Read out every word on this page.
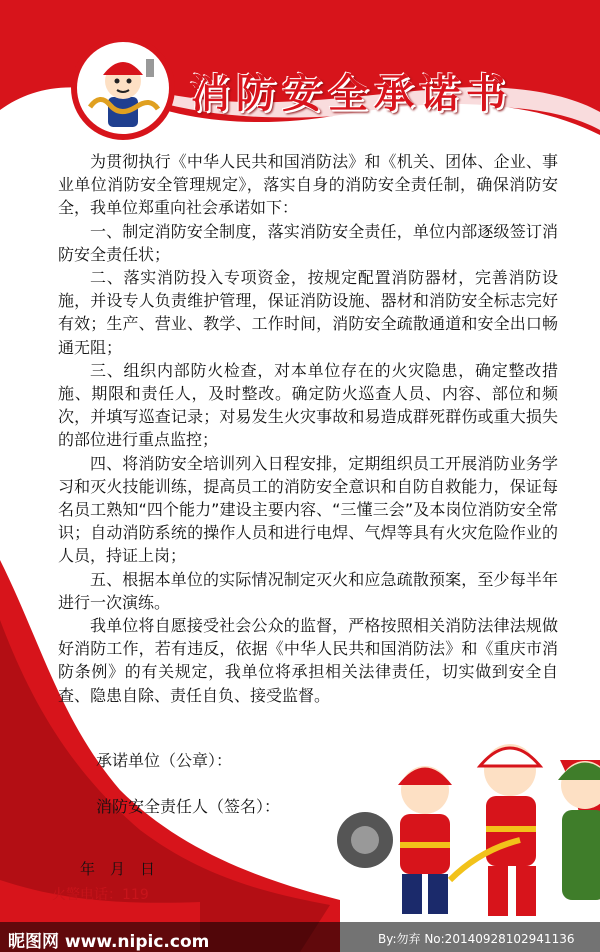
消防安全承诺书

为贯彻执行《中华人民共和国消防法》和《机关、团体、企业、事业单位消防安全管理规定》，落实自身的消防安全责任制，确保消防安全，我单位郑重向社会承诺如下：

一、制定消防安全制度，落实消防安全责任，单位内部逐级签订消防安全责任状；

二、落实消防投入专项资金，按规定配置消防器材，完善消防设施，并设专人负责维护管理，保证消防设施、器材和消防安全标志完好有效；生产、营业、教学、工作时间，消防安全疏散通道和安全出口畅通无阻；

三、组织内部防火检查，对本单位存在的火灾隐患，确定整改措施、期限和责任人，及时整改。确定防火巡查人员、内容、部位和频次，并填写巡查记录；对易发生火灾事故和易造成群死群伤或重大损失的部位进行重点监控；

四、将消防安全培训列入日程安排，定期组织员工开展消防业务学习和灭火技能训练，提高员工的消防安全意识和自防自救能力，保证每名员工熟知“四个能力”建设主要内容、“三懂三会”及本岗位消防安全常识；自动消防系统的操作人员和进行电焊、气焊等具有火灾危险作业的人员，持证上岗；

五、根据本单位的实际情况制定灭火和应急疏散预案，至少每半年进行一次演练。

我单位将自愿接受社会公众的监督，严格按照相关消防法律法规做好消防工作，若有违反，依据《中华人民共和国消防法》和《重庆市消防条例》的有关规定，我单位将承担相关法律责任，切实做到安全自查、隐患自除、责任自负、接受监督。

承诺单位（公章）：
消防安全责任人（签名）：
年　月　日
火警电话：119
昵图网 www.nipic.com	By:勿弃 No:20140928102941136
